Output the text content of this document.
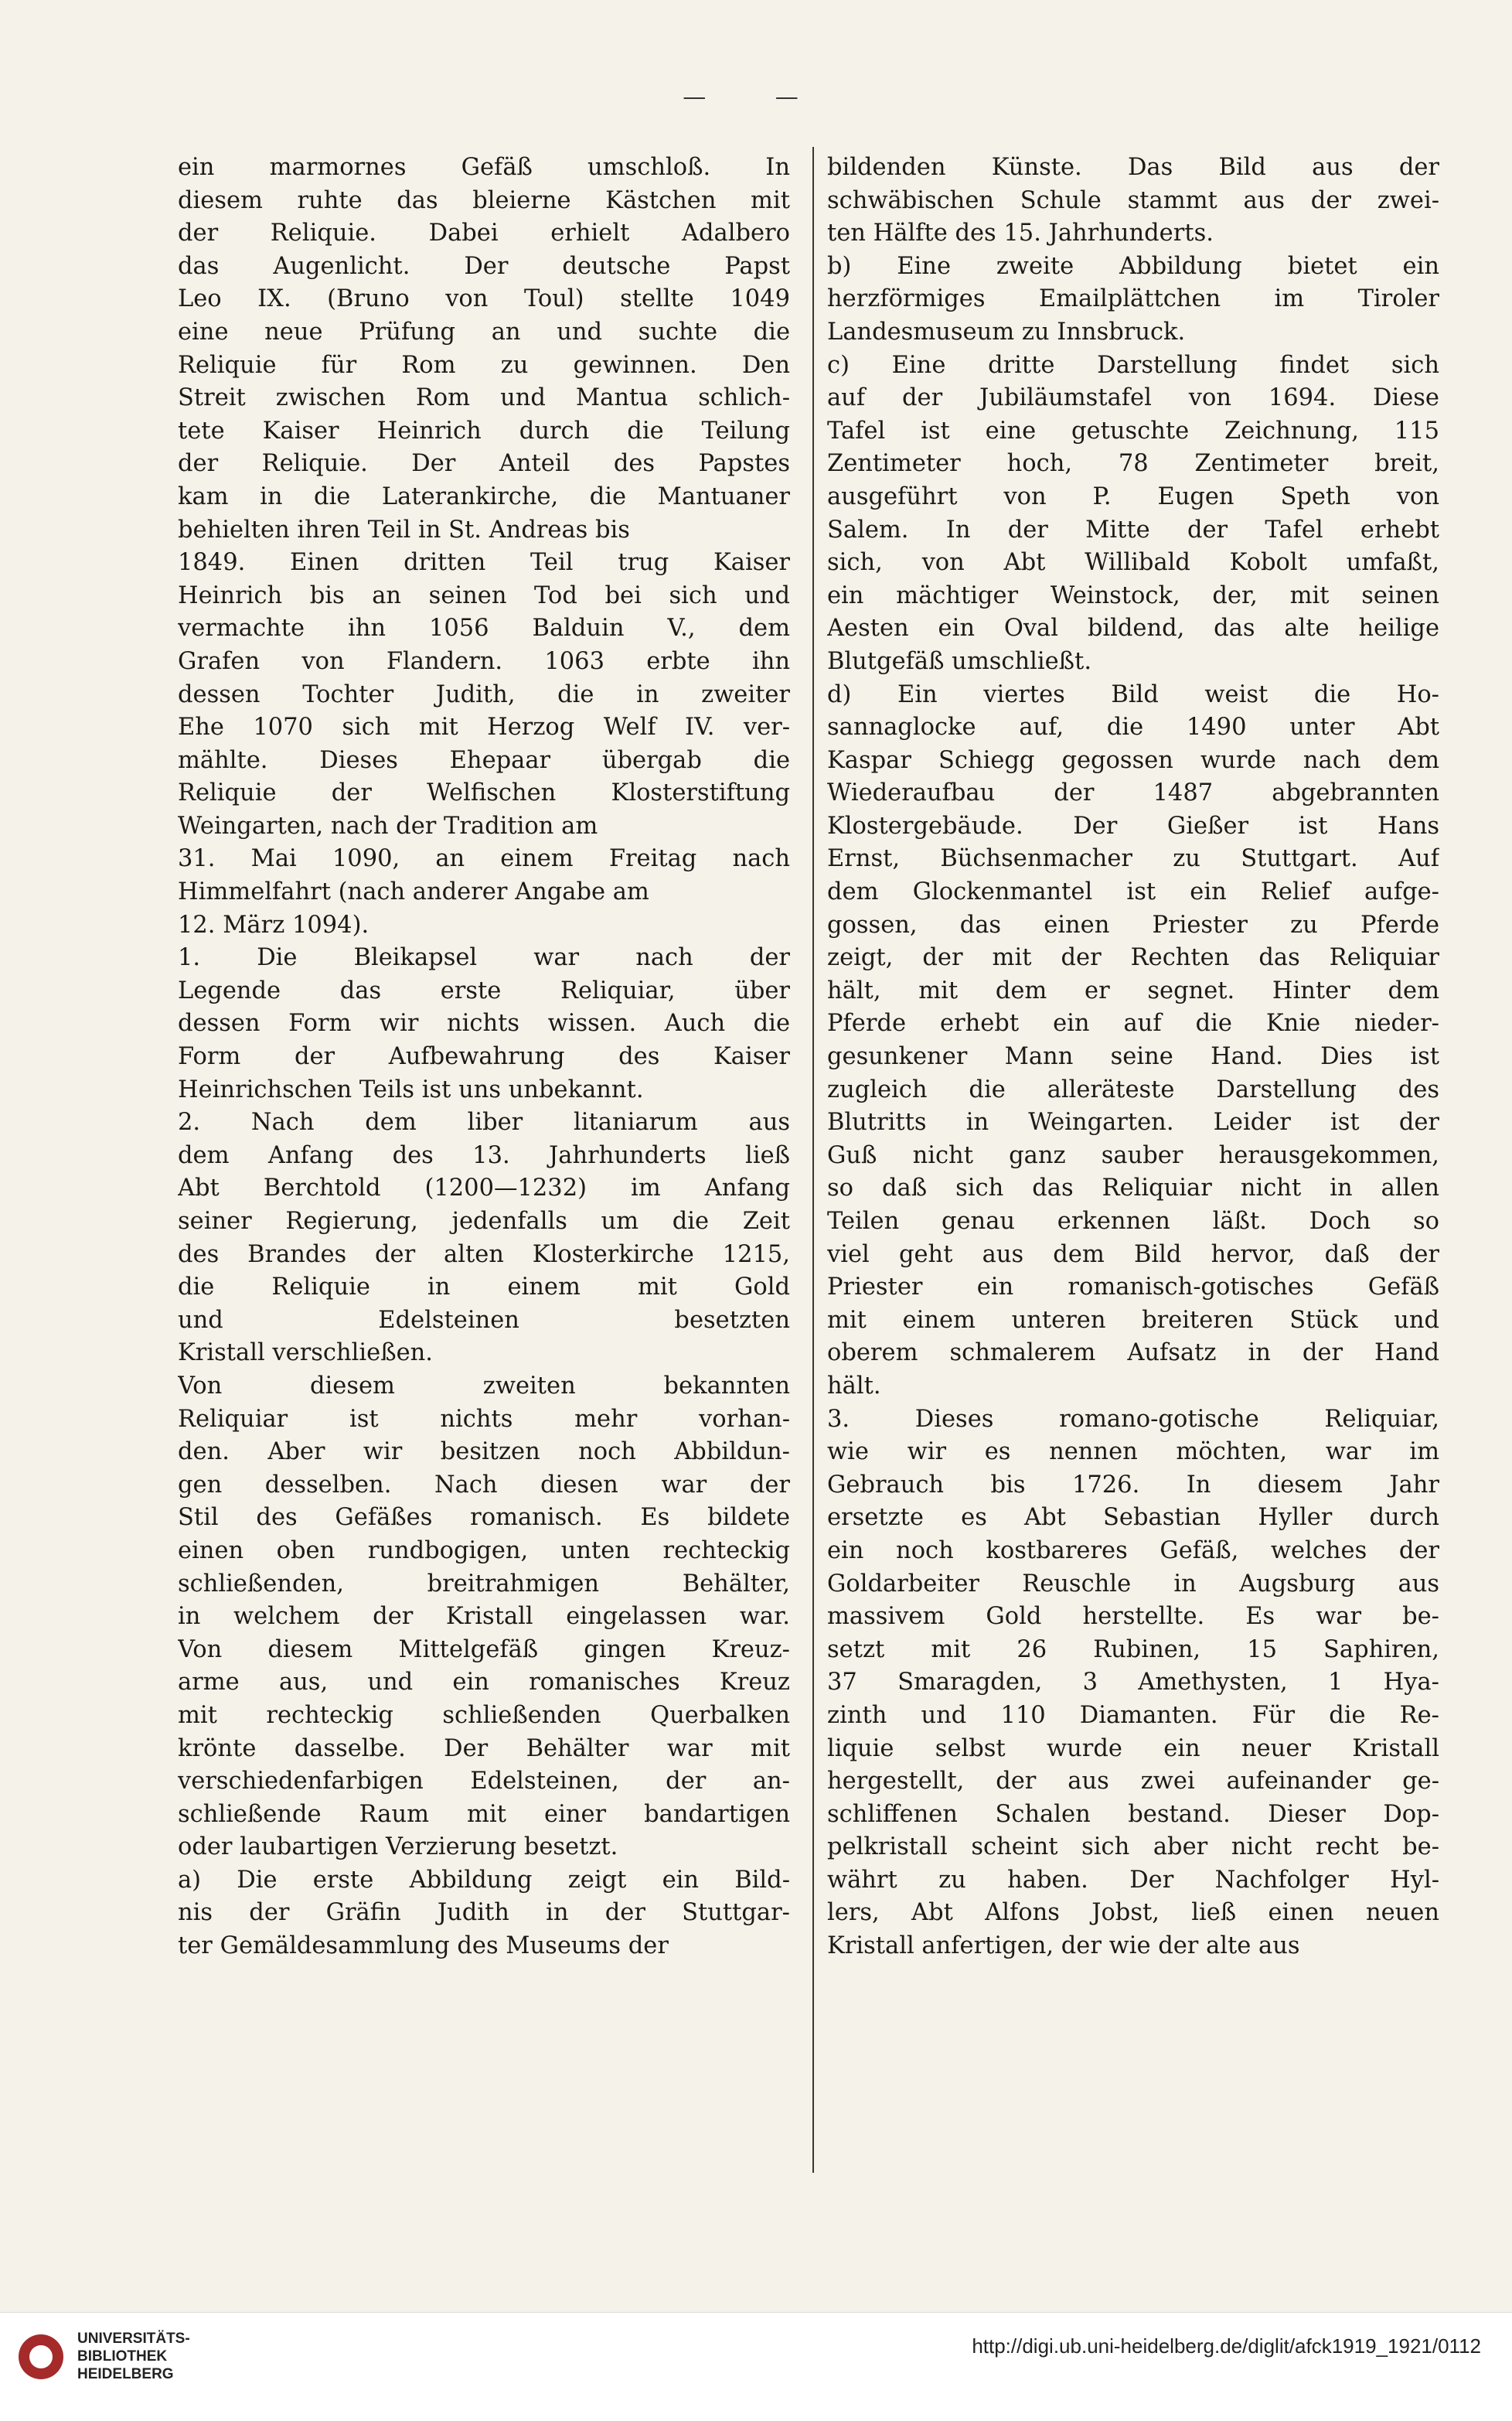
— —
ein marmornes Gefäß umschloß. In
diesem ruhte das bleierne Kästchen mit
der Reliquie. Dabei erhielt Adalbero
das Augenlicht. Der deutsche Papst
Leo IX. (Bruno von Toul) stellte 1049
eine neue Prüfung an und suchte die
Reliquie für Rom zu gewinnen. Den
Streit zwischen Rom und Mantua schlich-
tete Kaiser Heinrich durch die Teilung
der Reliquie. Der Anteil des Papstes
kam in die Laterankirche, die Mantuaner
behielten ihren Teil in St. Andreas bis
1849. Einen dritten Teil trug Kaiser
Heinrich bis an seinen Tod bei sich und
vermachte ihn 1056 Balduin V., dem
Grafen von Flandern. 1063 erbte ihn
dessen Tochter Judith, die in zweiter
Ehe 1070 sich mit Herzog Welf IV. ver-
mählte. Dieses Ehepaar übergab die
Reliquie der Welfischen Klosterstiftung
Weingarten, nach der Tradition am
31. Mai 1090, an einem Freitag nach
Himmelfahrt (nach anderer Angabe am
12. März 1094).
1. Die Bleikapsel war nach der
Legende das erste Reliquiar, über
dessen Form wir nichts wissen. Auch die
Form der Aufbewahrung des Kaiser
Heinrichschen Teils ist uns unbekannt.
2. Nach dem liber litaniarum aus
dem Anfang des 13. Jahrhunderts ließ
Abt Berchtold (1200—1232) im Anfang
seiner Regierung, jedenfalls um die Zeit
des Brandes der alten Klosterkirche 1215,
die Reliquie in einem mit Gold
und Edelsteinen besetzten
Kristall verschließen.
Von diesem zweiten bekannten
Reliquiar ist nichts mehr vorhan-
den. Aber wir besitzen noch Abbildun-
gen desselben. Nach diesen war der
Stil des Gefäßes romanisch. Es bildete
einen oben rundbogigen, unten rechteckig
schließenden, breitrahmigen Behälter,
in welchem der Kristall eingelassen war.
Von diesem Mittelgefäß gingen Kreuz-
arme aus, und ein romanisches Kreuz
mit rechteckig schließenden Querbalken
krönte dasselbe. Der Behälter war mit
verschiedenfarbigen Edelsteinen, der an-
schließende Raum mit einer bandartigen
oder laubartigen Verzierung besetzt.
a) Die erste Abbildung zeigt ein Bild-
nis der Gräfin Judith in der Stuttgar-
ter Gemäldesammlung des Museums der
bildenden Künste. Das Bild aus der
schwäbischen Schule stammt aus der zwei-
ten Hälfte des 15. Jahrhunderts.
b) Eine zweite Abbildung bietet ein
herzförmiges Emailplättchen im Tiroler
Landesmuseum zu Innsbruck.
c) Eine dritte Darstellung findet sich
auf der Jubiläumstafel von 1694. Diese
Tafel ist eine getuschte Zeichnung, 115
Zentimeter hoch, 78 Zentimeter breit,
ausgeführt von P. Eugen Speth von
Salem. In der Mitte der Tafel erhebt
sich, von Abt Willibald Kobolt umfaßt,
ein mächtiger Weinstock, der, mit seinen
Aesten ein Oval bildend, das alte heilige
Blutgefäß umschließt.
d) Ein viertes Bild weist die Ho-
sannaglocke auf, die 1490 unter Abt
Kaspar Schiegg gegossen wurde nach dem
Wiederaufbau der 1487 abgebrannten
Klostergebäude. Der Gießer ist Hans
Ernst, Büchsenmacher zu Stuttgart. Auf
dem Glockenmantel ist ein Relief aufge-
gossen, das einen Priester zu Pferde
zeigt, der mit der Rechten das Reliquiar
hält, mit dem er segnet. Hinter dem
Pferde erhebt ein auf die Knie nieder-
gesunkener Mann seine Hand. Dies ist
zugleich die alleräteste Darstellung des
Blutritts in Weingarten. Leider ist der
Guß nicht ganz sauber herausgekommen,
so daß sich das Reliquiar nicht in allen
Teilen genau erkennen läßt. Doch so
viel geht aus dem Bild hervor, daß der
Priester ein romanisch-gotisches Gefäß
mit einem unteren breiteren Stück und
oberem schmalerem Aufsatz in der Hand
hält.
3. Dieses romano-gotische Reliquiar,
wie wir es nennen möchten, war im
Gebrauch bis 1726. In diesem Jahr
ersetzte es Abt Sebastian Hyller durch
ein noch kostbareres Gefäß, welches der
Goldarbeiter Reuschle in Augsburg aus
massivem Gold herstellte. Es war be-
setzt mit 26 Rubinen, 15 Saphiren,
37 Smaragden, 3 Amethysten, 1 Hya-
zinth und 110 Diamanten. Für die Re-
liquie selbst wurde ein neuer Kristall
hergestellt, der aus zwei aufeinander ge-
schliffenen Schalen bestand. Dieser Dop-
pelkristall scheint sich aber nicht recht be-
währt zu haben. Der Nachfolger Hyl-
lers, Abt Alfons Jobst, ließ einen neuen
Kristall anfertigen, der wie der alte aus
UNIVERSITÄTS-
BIBLIOTHEK
HEIDELBERG
http://digi.ub.uni-heidelberg.de/diglit/afck1919_1921/0112
